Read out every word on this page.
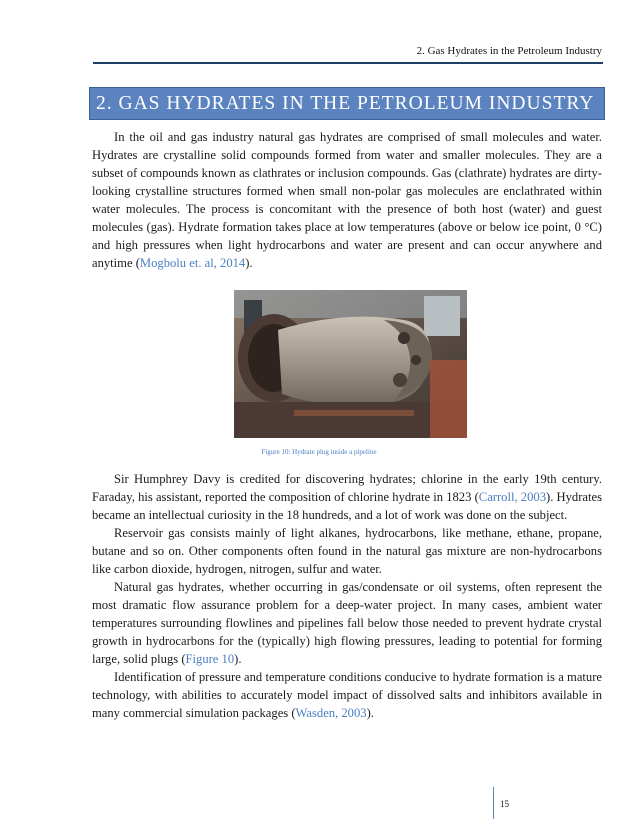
2. Gas Hydrates in the Petroleum Industry
2. GAS HYDRATES IN THE PETROLEUM INDUSTRY

In the oil and gas industry natural gas hydrates are comprised of small molecules and water. Hydrates are crystalline solid compounds formed from water and smaller molecules. They are a subset of compounds known as clathrates or inclusion compounds. Gas (clathrate) hydrates are dirty-looking crystalline structures formed when small non-polar gas molecules are enclathrated within water molecules. The process is concomitant with the presence of both host (water) and guest molecules (gas). Hydrate formation takes place at low temperatures (above or below ice point, 0 °C) and high pressures when light hydrocarbons and water are present and can occur anywhere and anytime (Mogbolu et. al, 2014).

Figure 10: Hydrate plug inside a pipeline

Sir Humphrey Davy is credited for discovering hydrates; chlorine in the early 19th century. Faraday, his assistant, reported the composition of chlorine hydrate in 1823 (Carroll, 2003). Hydrates became an intellectual curiosity in the 18 hundreds, and a lot of work was done on the subject.

Reservoir gas consists mainly of light alkanes, hydrocarbons, like methane, ethane, propane, butane and so on. Other components often found in the natural gas mixture are non-hydrocarbons like carbon dioxide, hydrogen, nitrogen, sulfur and water.

Natural gas hydrates, whether occurring in gas/condensate or oil systems, often represent the most dramatic flow assurance problem for a deep-water project. In many cases, ambient water temperatures surrounding flowlines and pipelines fall below those needed to prevent hydrate crystal growth in hydrocarbons for the (typically) high flowing pressures, leading to potential for forming large, solid plugs (Figure 10).

Identification of pressure and temperature conditions conducive to hydrate formation is a mature technology, with abilities to accurately model impact of dissolved salts and inhibitors available in many commercial simulation packages (Wasden, 2003).

15
